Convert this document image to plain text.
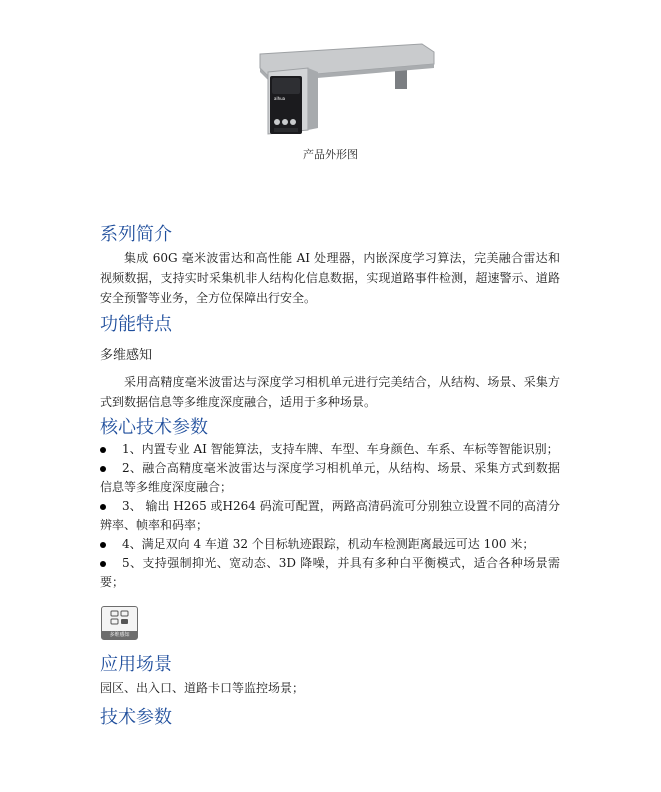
alhua
产品外形图
系列简介

集成 60G 毫米波雷达和高性能 AI 处理器，内嵌深度学习算法，完美融合雷达和视频数据，支持实时采集机非人结构化信息数据，实现道路事件检测，超速警示、道路安全预警等业务，全方位保障出行安全。

功能特点

多维感知

采用高精度毫米波雷达与深度学习相机单元进行完美结合，从结构、场景、采集方式到数据信息等多维度深度融合，适用于多种场景。

核心技术参数
1、内置专业 AI 智能算法，支持车牌、车型、车身颜色、车系、车标等智能识别；
2、融合高精度毫米波雷达与深度学习相机单元，从结构、场景、采集方式到数据信息等多维度深度融合；
3、 输出 H265 或H264 码流可配置，两路高清码流可分别独立设置不同的高清分辨率、帧率和码率；
4、满足双向 4 车道 32 个目标轨迹跟踪，机动车检测距离最远可达 100 米；
5、支持强制抑光、宽动态、3D 降噪，并具有多种白平衡模式，适合各种场景需要；
多维感知
应用场景

园区、出入口、道路卡口等监控场景；

技术参数
